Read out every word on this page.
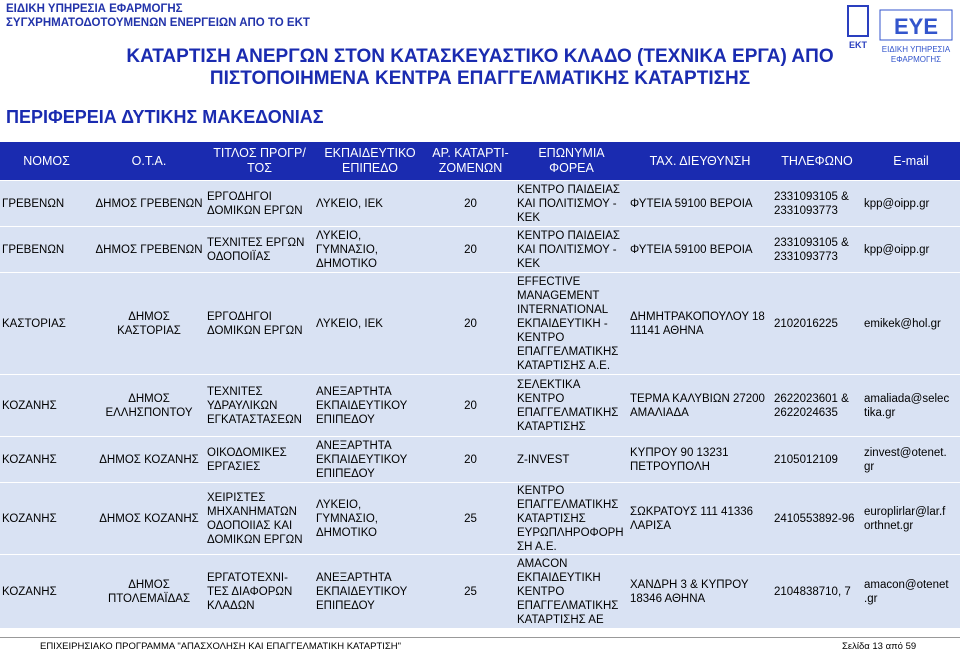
ΕΙΔΙΚΗ ΥΠΗΡΕΣΙΑ ΕΦΑΡΜΟΓΗΣ
ΣΥΓΧΡΗΜΑΤΟΔΟΤΟΥΜΕΝΩΝ ΕΝΕΡΓΕΙΩΝ ΑΠΟ ΤΟ ΕΚΤ
ΕΚΤ
ΕΥΕ
ΕΙΔΙΚΗ ΥΠΗΡΕΣΙΑ
ΕΦΑΡΜΟΓΗΣ
ΚΑΤΑΡΤΙΣΗ ΑΝΕΡΓΩΝ ΣΤΟΝ ΚΑΤΑΣΚΕΥΑΣΤΙΚΟ ΚΛΑΔΟ (ΤΕΧΝΙΚΑ ΕΡΓΑ) ΑΠΟ
ΠΙΣΤΟΠΟΙΗΜΕΝΑ ΚΕΝΤΡΑ ΕΠΑΓΓΕΛΜΑΤΙΚΗΣ ΚΑΤΑΡΤΙΣΗΣ
ΠΕΡΙΦΕΡΕΙΑ ΔΥΤΙΚΗΣ ΜΑΚΕΔΟΝΙΑΣ
ΝΟΜΟΣ	Ο.Τ.Α.	ΤΙΤΛΟΣ ΠΡΟΓΡ/ΤΟΣ	ΕΚΠΑΙΔΕΥΤΙΚΟ ΕΠΙΠΕΔΟ	ΑΡ. ΚΑΤΑΡΤΙ-ΖΟΜΕΝΩΝ	ΕΠΩΝΥΜΙΑ ΦΟΡΕΑ	ΤΑΧ. ΔΙΕΥΘΥΝΣΗ	ΤΗΛΕΦΩΝΟ	E-mail
ΓΡΕΒΕΝΩΝ	ΔΗΜΟΣ ΓΡΕΒΕΝΩΝ	ΕΡΓΟΔΗΓΟΙ ΔΟΜΙΚΩΝ ΕΡΓΩΝ	ΛΥΚΕΙΟ, ΙΕΚ	20	ΚΕΝΤΡΟ ΠΑΙΔΕΙΑΣ ΚΑΙ ΠΟΛΙΤΙΣΜΟΥ - ΚΕΚ	ΦΥΤΕΙΑ 59100 ΒΕΡΟΙΑ	2331093105 & 2331093773	kpp@oipp.gr
ΓΡΕΒΕΝΩΝ	ΔΗΜΟΣ ΓΡΕΒΕΝΩΝ	ΤΕΧΝΙΤΕΣ ΕΡΓΩΝ ΟΔΟΠΟΙΪΑΣ	ΛΥΚΕΙΟ, ΓΥΜΝΑΣΙΟ, ΔΗΜΟΤΙΚΟ	20	ΚΕΝΤΡΟ ΠΑΙΔΕΙΑΣ ΚΑΙ ΠΟΛΙΤΙΣΜΟΥ - ΚΕΚ	ΦΥΤΕΙΑ 59100 ΒΕΡΟΙΑ	2331093105 & 2331093773	kpp@oipp.gr
ΚΑΣΤΟΡΙΑΣ	ΔΗΜΟΣ ΚΑΣΤΟΡΙΑΣ	ΕΡΓΟΔΗΓΟΙ ΔΟΜΙΚΩΝ ΕΡΓΩΝ	ΛΥΚΕΙΟ, ΙΕΚ	20	EFFECTIVE MANAGEMENT INTERNATIONAL ΕΚΠΑΙΔΕΥΤΙΚΗ - ΚΕΝΤΡΟ ΕΠΑΓΓΕΛΜΑΤΙΚΗΣ ΚΑΤΑΡΤΙΣΗΣ Α.Ε.	ΔΗΜΗΤΡΑΚΟΠΟΥΛΟΥ 18 11141 ΑΘΗΝΑ	2102016225	emikek@hol.gr
ΚΟΖΑΝΗΣ	ΔΗΜΟΣ ΕΛΛΗΣΠΟΝΤΟΥ	ΤΕΧΝΙΤΕΣ ΥΔΡΑΥΛΙΚΩΝ ΕΓΚΑΤΑΣΤΑΣΕΩΝ	ΑΝΕΞΑΡΤΗΤΑ ΕΚΠΑΙΔΕΥΤΙΚΟΥ ΕΠΙΠΕΔΟΥ	20	ΣΕΛΕΚΤΙΚΑ ΚΕΝΤΡΟ ΕΠΑΓΓΕΛΜΑΤΙΚΗΣ ΚΑΤΑΡΤΙΣΗΣ	ΤΕΡΜΑ ΚΑΛΥΒΙΩΝ 27200 ΑΜΑΛΙΑΔΑ	2622023601 & 2622024635	amaliada@selec tika.gr
ΚΟΖΑΝΗΣ	ΔΗΜΟΣ ΚΟΖΑΝΗΣ	ΟΙΚΟΔΟΜΙΚΕΣ ΕΡΓΑΣΙΕΣ	ΑΝΕΞΑΡΤΗΤΑ ΕΚΠΑΙΔΕΥΤΙΚΟΥ ΕΠΙΠΕΔΟΥ	20	Z-INVEST	ΚΥΠΡΟΥ 90 13231 ΠΕΤΡΟΥΠΟΛΗ	2105012109	zinvest@otenet. gr
ΚΟΖΑΝΗΣ	ΔΗΜΟΣ ΚΟΖΑΝΗΣ	ΧΕΙΡΙΣΤΕΣ ΜΗΧΑΝΗΜΑΤΩΝ ΟΔΟΠΟΙΙΑΣ ΚΑΙ ΔΟΜΙΚΩΝ ΕΡΓΩΝ	ΛΥΚΕΙΟ, ΓΥΜΝΑΣΙΟ, ΔΗΜΟΤΙΚΟ	25	ΚΕΝΤΡΟ ΕΠΑΓΓΕΛΜΑΤΙΚΗΣ ΚΑΤΑΡΤΙΣΗΣ ΕΥΡΩΠΛΗΡΟΦΟΡΗ ΣΗ Α.Ε.	ΣΩΚΡΑΤΟΥΣ 111 41336 ΛΑΡΙΣΑ	2410553892-96	europlirlar@lar.f orthnet.gr
ΚΟΖΑΝΗΣ	ΔΗΜΟΣ ΠΤΟΛΕΜΑΪΔΑΣ	ΕΡΓΑΤΟΤΕΧΝΙ- ΤΕΣ ΔΙΑΦΟΡΩΝ ΚΛΑΔΩΝ	ΑΝΕΞΑΡΤΗΤΑ ΕΚΠΑΙΔΕΥΤΙΚΟΥ ΕΠΙΠΕΔΟΥ	25	AMACON ΕΚΠΑΙΔΕΥΤΙΚΗ ΚΕΝΤΡΟ ΕΠΑΓΓΕΛΜΑΤΙΚΗΣ ΚΑΤΑΡΤΙΣΗΣ ΑΕ	ΧΑΝΔΡΗ 3 & ΚΥΠΡΟΥ 18346 ΑΘΗΝΑ	2104838710, 7	amacon@otenet .gr
ΕΠΙΧΕΙΡΗΣΙΑΚΟ ΠΡΟΓΡΑΜΜΑ "ΑΠΑΣΧΟΛΗΣΗ ΚΑΙ ΕΠΑΓΓΕΛΜΑΤΙΚΗ ΚΑΤΑΡΤΙΣΗ"	Σελίδα 13 από 59
